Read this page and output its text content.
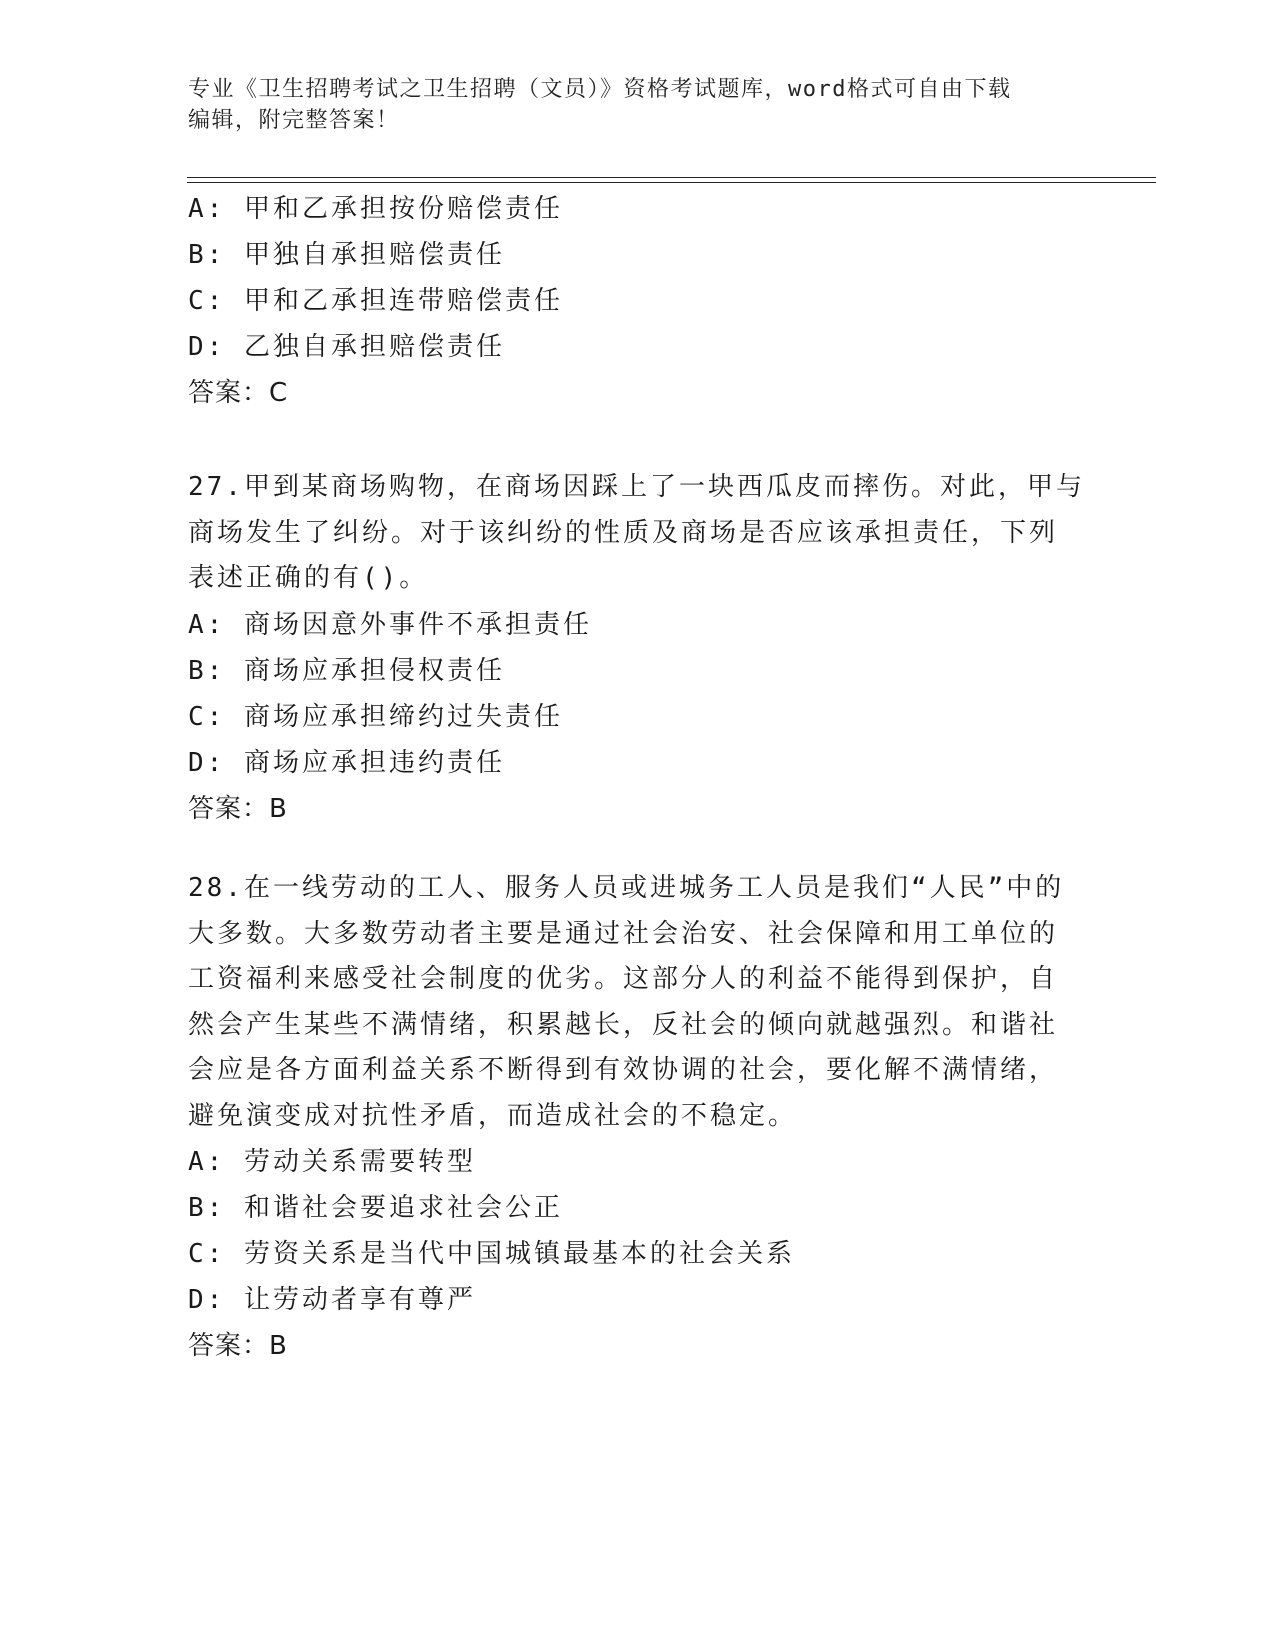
专业《卫生招聘考试之卫生招聘（文员）》资格考试题库，word格式可自由下载
编辑，附完整答案！
A: 甲和乙承担按份赔偿责任
B: 甲独自承担赔偿责任
C: 甲和乙承担连带赔偿责任
D: 乙独自承担赔偿责任
答案：C
27.甲到某商场购物，在商场因踩上了一块西瓜皮而摔伤。对此，甲与
商场发生了纠纷。对于该纠纷的性质及商场是否应该承担责任，下列
表述正确的有()。
A: 商场因意外事件不承担责任
B: 商场应承担侵权责任
C: 商场应承担缔约过失责任
D: 商场应承担违约责任
答案：B
28.在一线劳动的工人、服务人员或进城务工人员是我们“人民”中的
大多数。大多数劳动者主要是通过社会治安、社会保障和用工单位的
工资福利来感受社会制度的优劣。这部分人的利益不能得到保护，自
然会产生某些不满情绪，积累越长，反社会的倾向就越强烈。和谐社
会应是各方面利益关系不断得到有效协调的社会，要化解不满情绪，
避免演变成对抗性矛盾，而造成社会的不稳定。
A: 劳动关系需要转型
B: 和谐社会要追求社会公正
C: 劳资关系是当代中国城镇最基本的社会关系
D: 让劳动者享有尊严
答案：B
